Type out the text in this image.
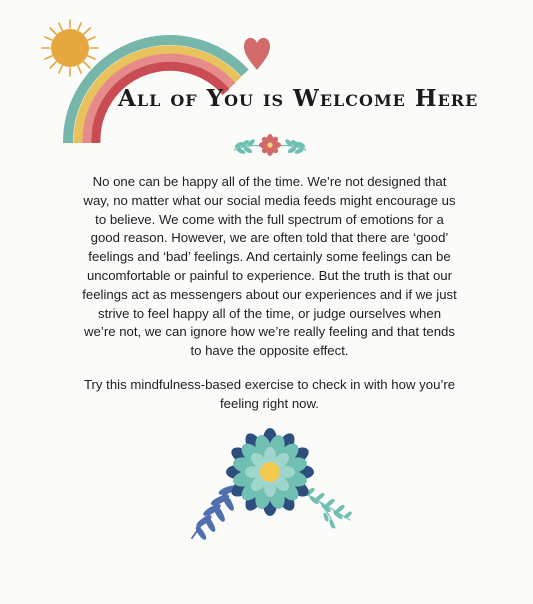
All of You is Welcome Here

No one can be happy all of the time. We’re not designed that way, no matter what our social media feeds might encourage us to believe. We come with the full spectrum of emotions for a good reason. However, we are often told that there are ‘good’ feelings and ‘bad’ feelings. And certainly some feelings can be uncomfortable or painful to experience. But the truth is that our feelings act as messengers about our experiences and if we just strive to feel happy all of the time, or judge ourselves when we’re not, we can ignore how we’re really feeling and that tends to have the opposite effect.

Try this mindfulness-based exercise to check in with how you’re feeling right now.
